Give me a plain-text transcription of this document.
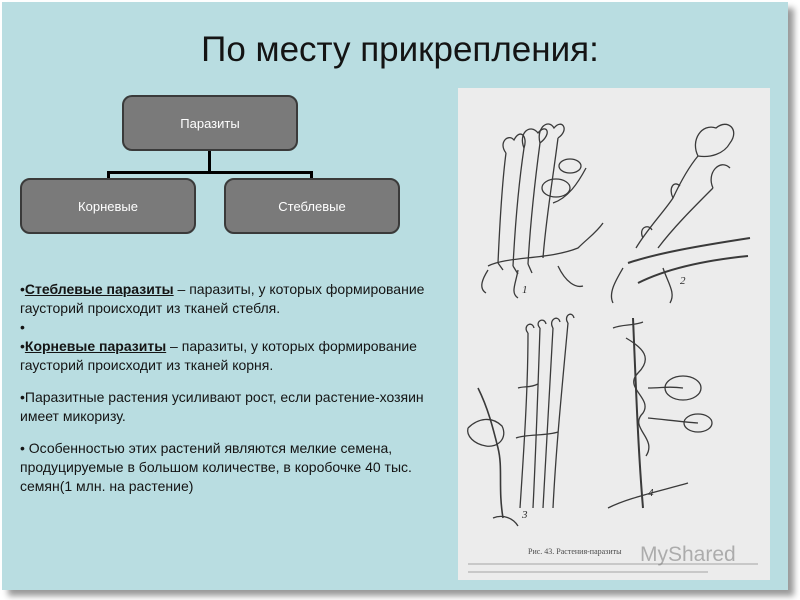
По месту прикрепления:
Паразиты
Корневые	Стеблевые

•Стеблевые паразиты – паразиты, у которых формирование гаусторий происходит из тканей стебля.

•

•Корневые паразиты – паразиты, у которых формирование гаусторий происходит из тканей корня.

•Паразитные растения усиливают рост, если растение-хозяин имеет микоризу.

• Особенностью этих растений являются мелкие семена, продуцируемые в большом количестве, в коробочке 40 тыс. семян(1 млн. на растение)

1
2
3
4
Рис. 43. Растения-паразиты MyShared
